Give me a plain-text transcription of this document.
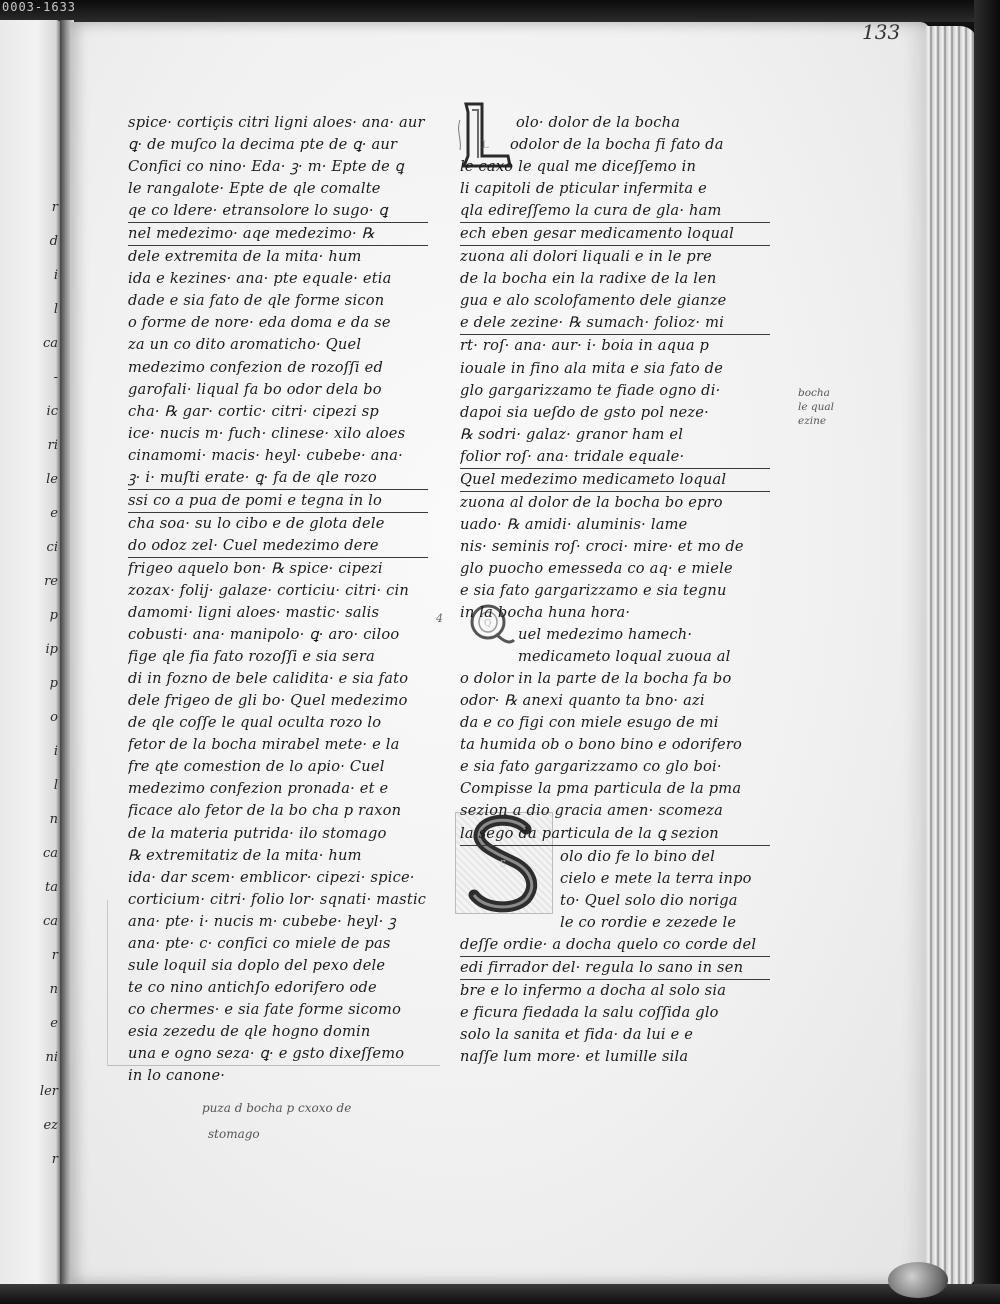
0003-1633
r
d
i
l
ca
-
ic
ri
le
e
ci
re
p
ip
p
o
i
l
n
ca
ta
ca
r
n
e
ni
ler
ez
r
133
L
Q
S
spice· cortiçis citri ligni aloes· ana· aur
ꝗ· de muſco la decima pte de ꝗ· aur
Confici co nino· Eda· ꝫ· m· Epte de ꝗ
le rangalote· Epte de qle comalte
qe co ldere· etransolore lo sugo· ꝗ
nel medezimo· aqe medezimo· ℞
dele extremita de la mita· hum
ida e kezines· ana· pte equale· etia
dade e sia fato de qle forme sicon
o forme de nore· eda doma e da se
za un co dito aromaticho· Quel
medezimo confezion de rozoſſi ed
garofali· liqual fa bo odor dela bo
cha· ℞ gar· cortic· citri· cipezi sp
ice· nucis m· fuch· clinese· xilo aloes
cinamomi· macis· heyl· cubebe· ana·
ꝫ· i· muſti erate· ꝗ· fa de qle rozo
ssi co a pua de pomi e tegna in lo
cha soa· su lo cibo e de glota dele
do odoz zel· Cuel medezimo dere
frigeo aquelo bon· ℞ spice· cipezi
zozax· folij· galaze· corticiu· citri· cin
damomi· ligni aloes· mastic· salis
cobusti· ana· manipolo· ꝗ· aro· ciloo
fige qle fia fato rozoſſi e sia sera
di in fozno de bele calidita· e sia fato
dele frigeo de gli bo· Quel medezimo
de qle coſſe le qual oculta rozo lo
fetor de la bocha mirabel mete· e la
fre qte comestion de lo apio· Cuel
medezimo confezion pronada· et e
ficace alo fetor de la bo cha p raxon
de la materia putrida· ilo stomago
℞ extremitatiz de la mita· hum
ida· dar scem· emblicor· cipezi· spice·
corticium· citri· folio lor· sqnati· mastic
ana· pte· i· nucis m· cubebe· heyl· ꝫ
ana· pte· c· confici co miele de pas
sule loquil sia doplo del pexo dele
te co nino antichſo edorifero ode
co chermes· e sia fate forme sicomo
esia zezedu de qle hogno domin
una e ogno seza· ꝗ· e gsto dixeſſemo
in lo canone·
olo· dolor de la bocha
odolor de la bocha fi fato da
le caxo le qual me diceſſemo in
li capitoli de pticular infermita e
qla edireſſemo la cura de gla· ham
ech eben gesar medicamento loqual
zuona ali dolori liquali e in le pre
de la bocha ein la radixe de la len
gua e alo scolofamento dele gianze
e dele zezine· ℞ sumach· folioz· mi
rt· roſ· ana· aur· i· boia in aqua p
iouale in fino ala mita e sia fato de
glo gargarizzamo te fiade ogno di·
dapoi sia ueſdo de gsto pol neze·
℞ sodri· galaz· granor ham el
folior roſ· ana· tridale equale·
Quel medezimo medicameto loqual
zuona al dolor de la bocha bo epro
uado· ℞ amidi· aluminis· lame
nis· seminis roſ· croci· mire· et mo de
glo puocho emesseda co aq· e miele
e sia fato gargarizzamo e sia tegnu
in la bocha huna hora·
uel medezimo hamech·
medicameto loqual zuoua al
o dolor in la parte de la bocha fa bo
odor· ℞ anexi quanto ta bno· azi
da e co figi con miele esugo de mi
ta humida ob o bono bino e odorifero
e sia fato gargarizzamo co glo boi·
Compisse la pma particula de la pma
sezion a dio gracia amen· scomeza
la sego da particula de la ꝗ sezion
olo dio fe lo bino del
cielo e mete la terra inpo
to· Quel solo dio noriga
le co rordie e zezede le
deſſe ordie· a docha quelo co corde del
edi firrador del· regula lo sano in sen
bre e lo infermo a docha al solo sia
e ficura fiedada la salu coſſida glo
solo la sanita et fida· da lui e e
naſſe lum more· et lumille sila
bocha
le qual
ezine
4
puza d bocha p cxoxo de
stomago
